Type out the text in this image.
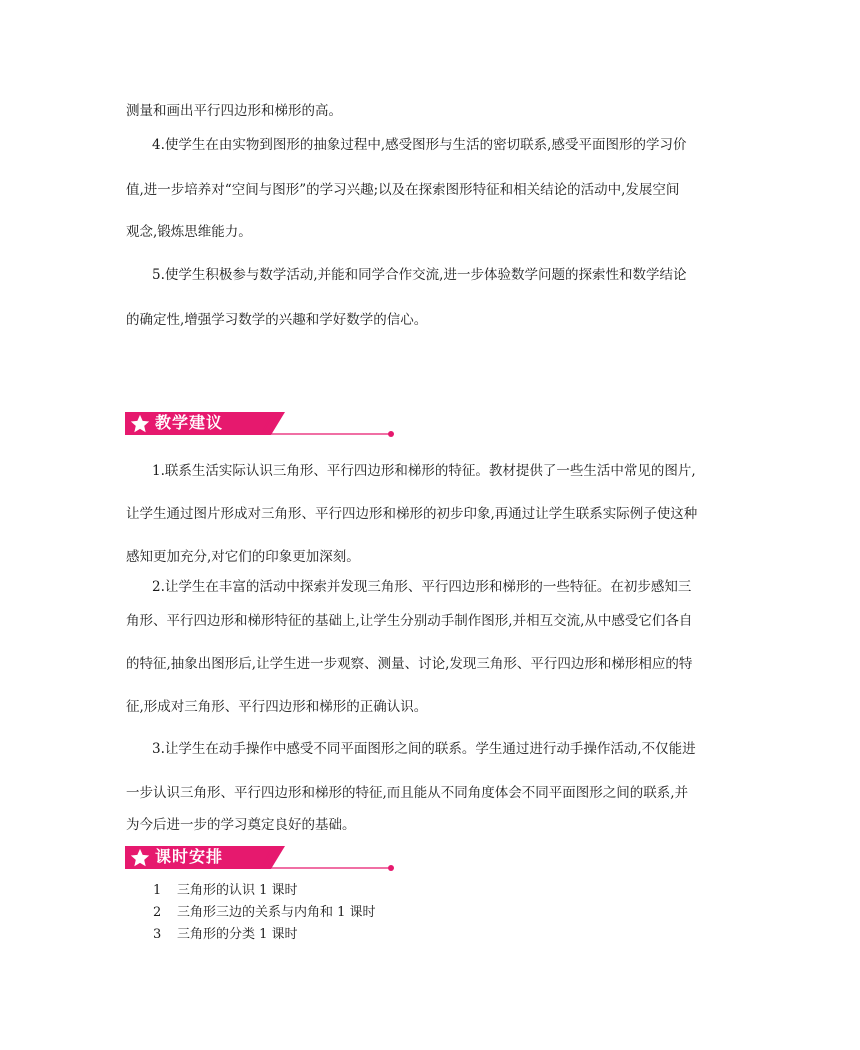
测量和画出平行四边形和梯形的高。
4.使学生在由实物到图形的抽象过程中,感受图形与生活的密切联系,感受平面图形的学习价
值,进一步培养对“空间与图形”的学习兴趣;以及在探索图形特征和相关结论的活动中,发展空间
观念,锻炼思维能力。
5.使学生积极参与数学活动,并能和同学合作交流,进一步体验数学问题的探索性和数学结论
的确定性,增强学习数学的兴趣和学好数学的信心。
教学建议
1.联系生活实际认识三角形、平行四边形和梯形的特征。教材提供了一些生活中常见的图片,
让学生通过图片形成对三角形、平行四边形和梯形的初步印象,再通过让学生联系实际例子使这种
感知更加充分,对它们的印象更加深刻。
2.让学生在丰富的活动中探索并发现三角形、平行四边形和梯形的一些特征。在初步感知三
角形、平行四边形和梯形特征的基础上,让学生分别动手制作图形,并相互交流,从中感受它们各自
的特征,抽象出图形后,让学生进一步观察、测量、讨论,发现三角形、平行四边形和梯形相应的特
征,形成对三角形、平行四边形和梯形的正确认识。
3.让学生在动手操作中感受不同平面图形之间的联系。学生通过进行动手操作活动,不仅能进
一步认识三角形、平行四边形和梯形的特征,而且能从不同角度体会不同平面图形之间的联系,并
为今后进一步的学习奠定良好的基础。
课时安排
1 三角形的认识 1 课时
2 三角形三边的关系与内角和 1 课时
3 三角形的分类 1 课时
